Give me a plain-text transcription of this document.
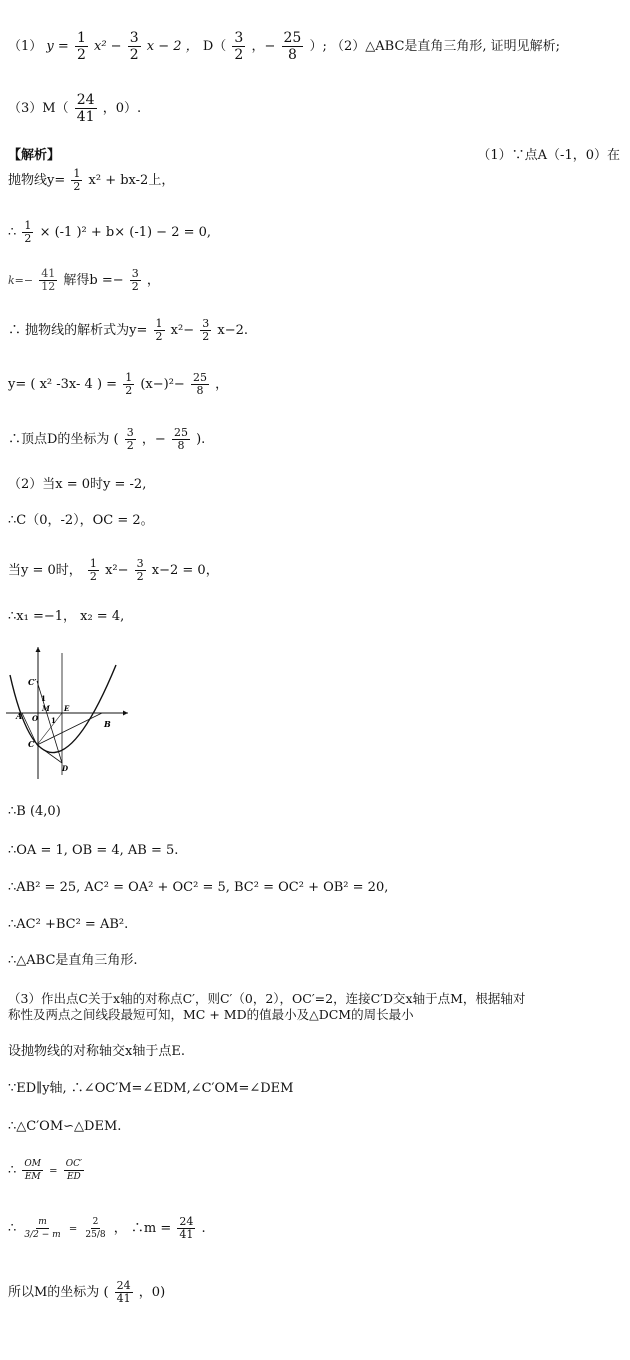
（1） $y = \frac{1}{2} x^2 - \frac{3}{2}$ x − 2 ， $D( \frac{3}{2}$ ，− $\frac{25}{8}$ ）; （2）△ABC是直角三角形, 证明见解析;
$(3)M( \frac{24}{41}$ ，0）.
【解析】	（1）∵点A（-1，0）在
抛物线$y= \frac{1}{2} x^2 + bx-2$上，
∴ $\frac{1}{2} \times (-1$ )² + b× (-1) − 2 = 0,
$k=- \frac{41}{12}$ 解得$b =- \frac{3}{2}$ ，
∴ 抛物线的解析式为$y= \frac{1}{2} x^2- \frac{3}{2} x-2$.
y= ( x² -3x- 4 ) = $\frac{1}{2} (x-)^2- \frac{25}{8}$ ，
∴顶点D的坐标为 ( $\frac{3}{2}$ ，− $\frac{25}{8}$ ).
（2）当x = 0时y = -2,
∴C（0，-2），OC = 2。
当y = 0时， $\frac{1}{2} x^2- \frac{3}{2} x-2 = 0$，
∴x₁ =−1， x₂ = 4,
A O
M E
B
C
C′
D
1
1
∴B (4,0)
∴OA = 1, OB = 4, AB = 5.
∴AB² = 25, AC² = OA² + OC² = 5, BC² = OC² + OB² = 20,
∴AC² +BC² = AB².
∴△ABC是直角三角形.
（3）作出点C关于x轴的对称点C′，则C′（0，2），OC′=2，连接C′D交x轴于点M，根据轴对
称性及两点之间线段最短可知，MC + MD的值最小及△DCM的周长最小
设抛物线的对称轴交x轴于点E.
∵ED∥y轴, ∴∠OC′M=∠EDM,∠C′OM=∠DEM
∴△C′OM∽△DEM.
∴ $\frac{OM}{EM} = \frac{OC'}{ED}$
∴ $\frac{m}{3/2 - m} = \frac{2}{25/8}$ ， ∴m = $\frac{24}{41}$ .
所以M的坐标为 ( $\frac{24}{41}$ ，0)
